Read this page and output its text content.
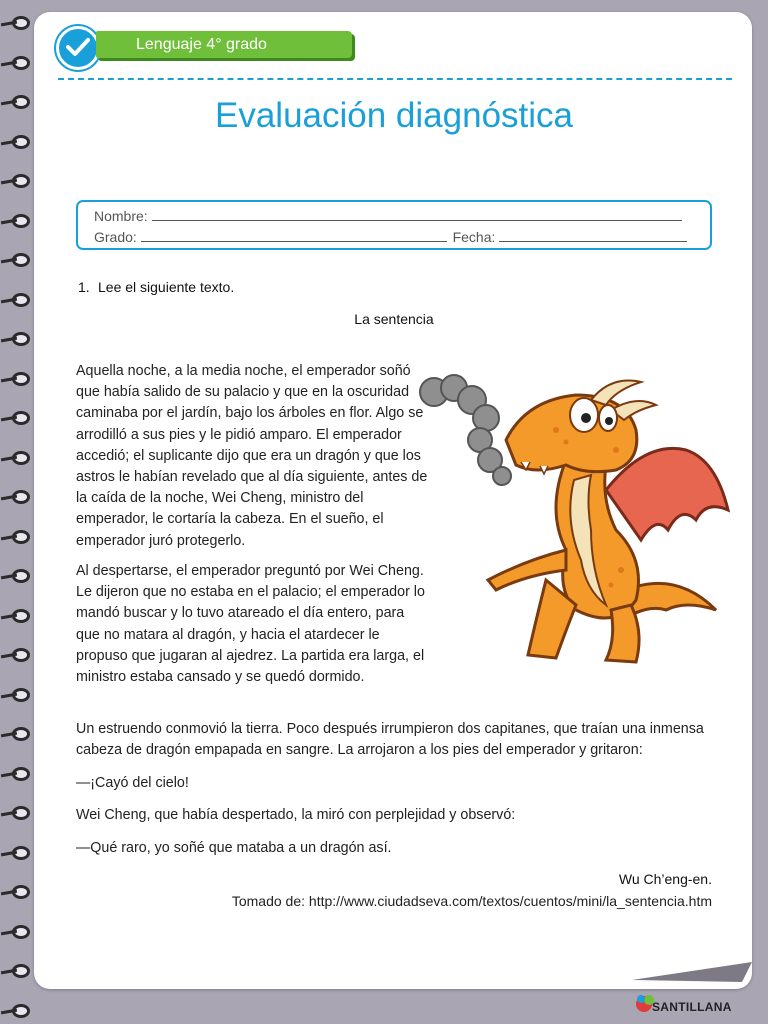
Lenguaje 4° grado
Evaluación diagnóstica
Nombre:
Grado:	Fecha:
1. Lee el siguiente texto.
La sentencia

Aquella noche, a la media noche, el emperador soñó que había salido de su palacio y que en la oscuridad caminaba por el jardín, bajo los árboles en flor. Algo se arrodilló a sus pies y le pidió amparo. El emperador accedió; el suplicante dijo que era un dragón y que los astros le habían revelado que al día siguiente, antes de la caída de la noche, Wei Cheng, ministro del emperador, le cortaría la cabeza. En el sueño, el emperador juró protegerlo.

Al despertarse, el emperador preguntó por Wei Cheng. Le dijeron que no estaba en el palacio; el emperador lo mandó buscar y lo tuvo atareado el día entero, para que no matara al dragón, y hacia el atardecer le propuso que jugaran al ajedrez. La partida era larga, el ministro estaba cansado y se quedó dormido.

Un estruendo conmovió la tierra. Poco después irrumpieron dos capitanes, que traían una inmensa cabeza de dragón empapada en sangre. La arrojaron a los pies del emperador y gritaron:

—¡Cayó del cielo!

Wei Cheng, que había despertado, la miró con perplejidad y observó:

—Qué raro, yo soñé que mataba a un dragón así.

Wu Ch’eng-en.
Tomado de: http://www.ciudadseva.com/textos/cuentos/mini/la_sentencia.htm
SANTILLANA
